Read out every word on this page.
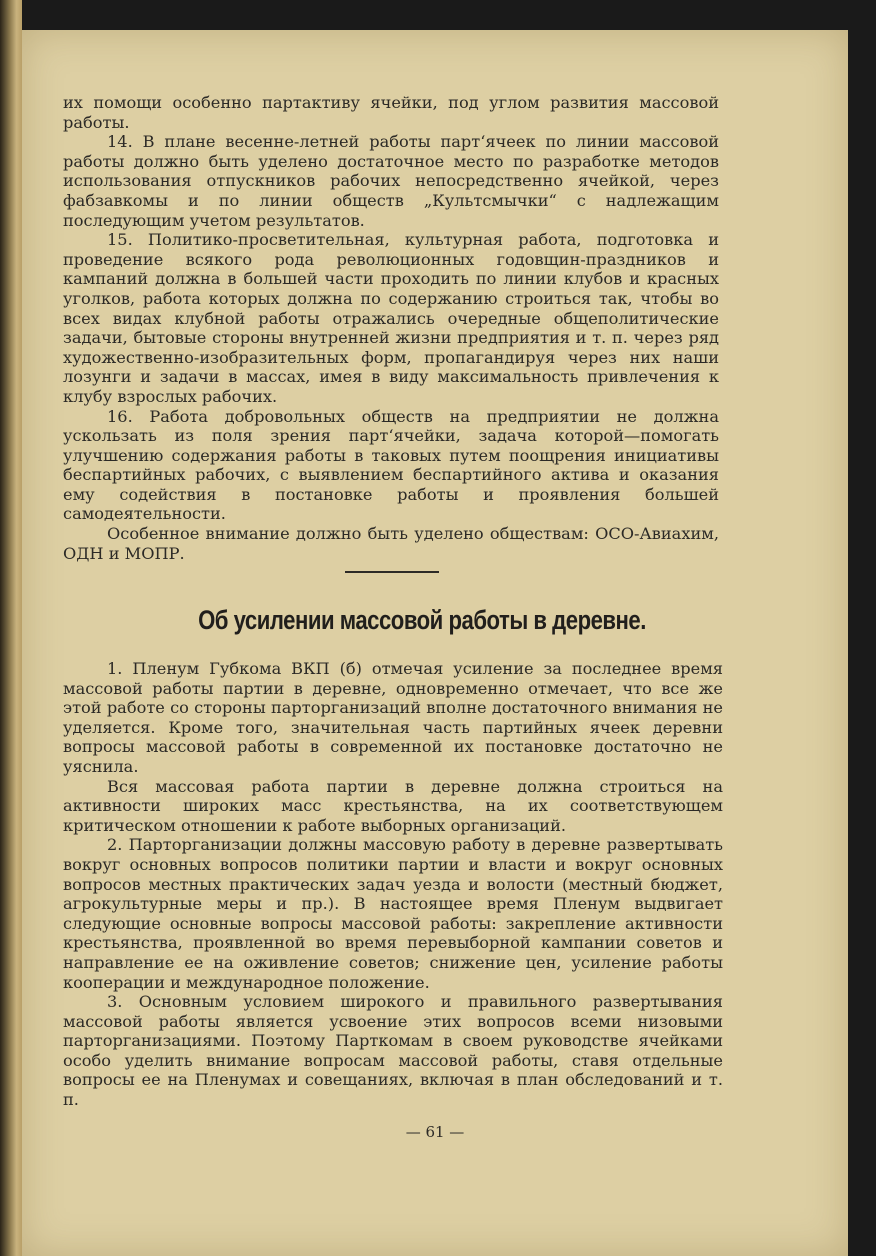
их помощи особенно партактиву ячейки, под углом развития массовой работы.

14. В плане весенне-летней работы парт‘ячеек по линии массовой работы должно быть уделено достаточное место по разработке методов использования отпускников рабочих непосредственно ячейкой, через фабзавкомы и по линии обществ „Культсмычки“ с надлежащим последующим учетом результатов.

15. Политико-просветительная, культурная работа, подготовка и проведение всякого рода революционных годовщин-праздников и кампаний должна в большей части проходить по линии клубов и красных уголков, работа которых должна по содержанию строиться так, чтобы во всех видах клубной работы отражались очередные общеполитические задачи, бытовые стороны внутренней жизни предприятия и т. п. через ряд художественно-изобразительных форм, пропагандируя через них наши лозунги и задачи в массах, имея в виду максимальность привлечения к клубу взрослых рабочих.

16. Работа добровольных обществ на предприятии не должна ускользать из поля зрения парт‘ячейки, задача которой—помогать улучшению содержания работы в таковых путем поощрения инициативы беспартийных рабочих, с выявлением беспартийного актива и оказания ему содействия в постановке работы и проявления большей самодеятельности.

Особенное внимание должно быть уделено обществам: ОСО-Авиахим, ОДН и МОПР.

Об усилении массовой работы в деревне.

1. Пленум Губкома ВКП (б) отмечая усиление за последнее время массовой работы партии в деревне, одновременно отмечает, что все же этой работе со стороны парторганизаций вполне достаточного внимания не уделяется. Кроме того, значительная часть партийных ячеек деревни вопросы массовой работы в современной их постановке достаточно не уяснила.

Вся массовая работа партии в деревне должна строиться на активности широких масс крестьянства, на их соответствующем критическом отношении к работе выборных организаций.

2. Парторганизации должны массовую работу в деревне развертывать вокруг основных вопросов политики партии и власти и вокруг основных вопросов местных практических задач уезда и волости (местный бюджет, агрокультурные меры и пр.). В настоящее время Пленум выдвигает следующие основные вопросы массовой работы: закрепление активности крестьянства, проявленной во время перевыборной кампании советов и направление ее на оживление советов; снижение цен, усиление работы кооперации и международное положение.

3. Основным условием широкого и правильного развертывания массовой работы является усвоение этих вопросов всеми низовыми парторганизациями. Поэтому Парткомам в своем руководстве ячейками особо уделить внимание вопросам массовой работы, ставя отдельные вопросы ее на Пленумах и совещаниях, включая в план обследований и т. п.

— 61 —
